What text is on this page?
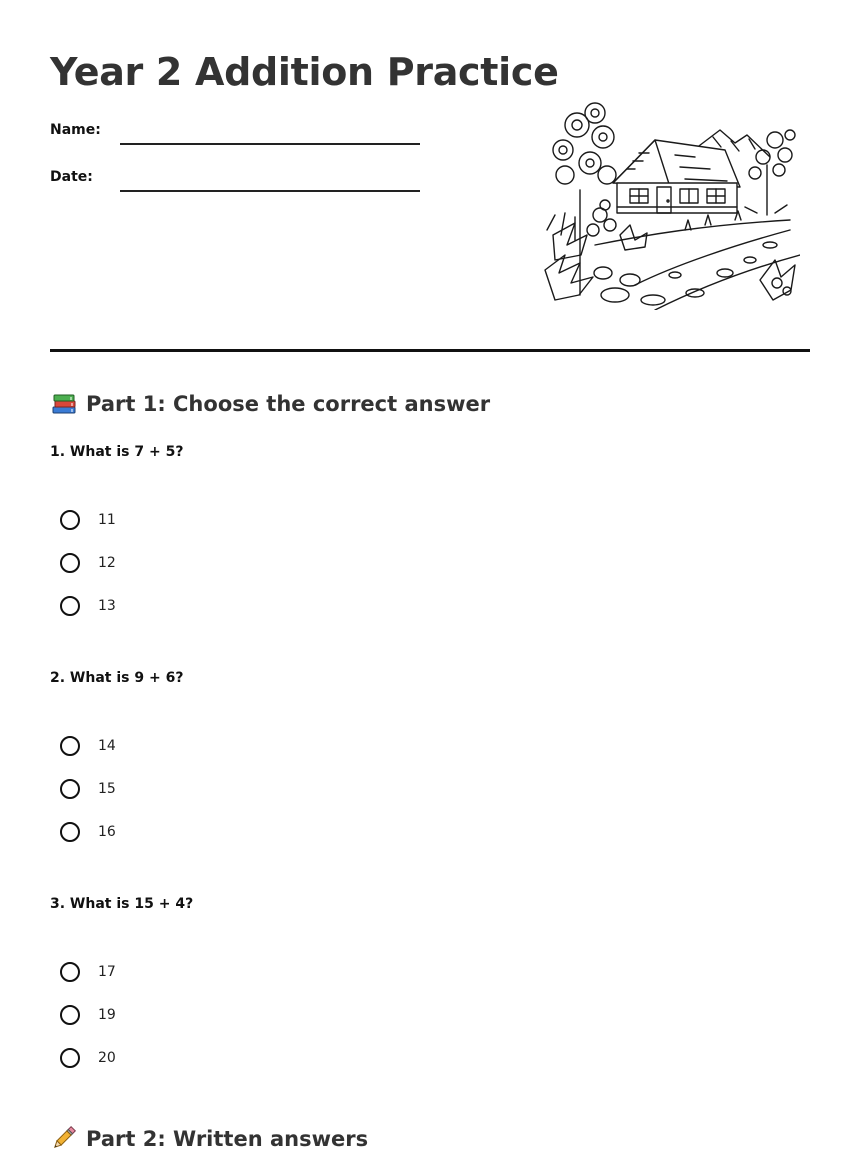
Year 2 Addition Practice
Name:
Date:
Part 1: Choose the correct answer

1. What is 7 + 5?

11
12
13

2. What is 9 + 6?

14
15
16

3. What is 15 + 4?

17
19
20
Part 2: Written answers
